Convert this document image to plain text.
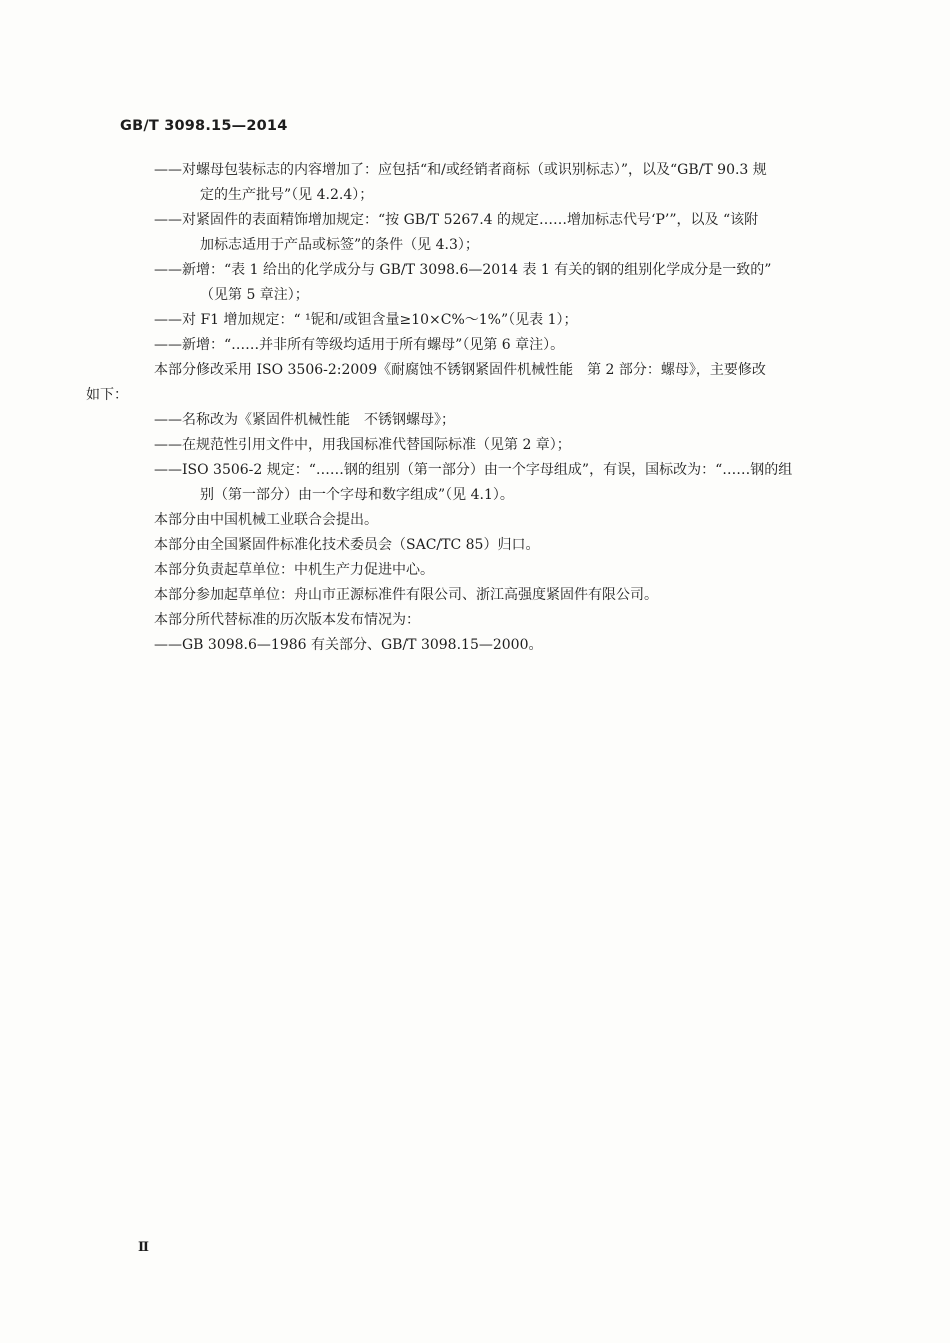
GB/T 3098.15—2014

——对螺母包装标志的内容增加了：应包括“和/或经销者商标（或识别标志）”，以及“GB/T 90.3 规
定的生产批号”（见 4.2.4）；

——对紧固件的表面精饰增加规定：“按 GB/T 5267.4 的规定……增加标志代号‘P’”，以及 “该附
加标志适用于产品或标签”的条件（见 4.3）；

——新增：“表 1 给出的化学成分与 GB/T 3098.6—2014 表 1 有关的钢的组别化学成分是一致的”
（见第 5 章注）；

——对 F1 增加规定：“ ¹铌和/或钽含量≥10×C%～1%”（见表 1）；

——新增：“……并非所有等级均适用于所有螺母”（见第 6 章注）。

本部分修改采用 ISO 3506-2:2009《耐腐蚀不锈钢紧固件机械性能　第 2 部分：螺母》，主要修改
如下：

——名称改为《紧固件机械性能　不锈钢螺母》；

——在规范性引用文件中，用我国标准代替国际标准（见第 2 章）；

——ISO 3506-2 规定：“……钢的组别（第一部分）由一个字母组成”，有误，国标改为：“……钢的组
别（第一部分）由一个字母和数字组成”（见 4.1）。

本部分由中国机械工业联合会提出。

本部分由全国紧固件标准化技术委员会（SAC/TC 85）归口。

本部分负责起草单位：中机生产力促进中心。

本部分参加起草单位：舟山市正源标准件有限公司、浙江高强度紧固件有限公司。

本部分所代替标准的历次版本发布情况为：

——GB 3098.6—1986 有关部分、GB/T 3098.15—2000。

Ⅱ
